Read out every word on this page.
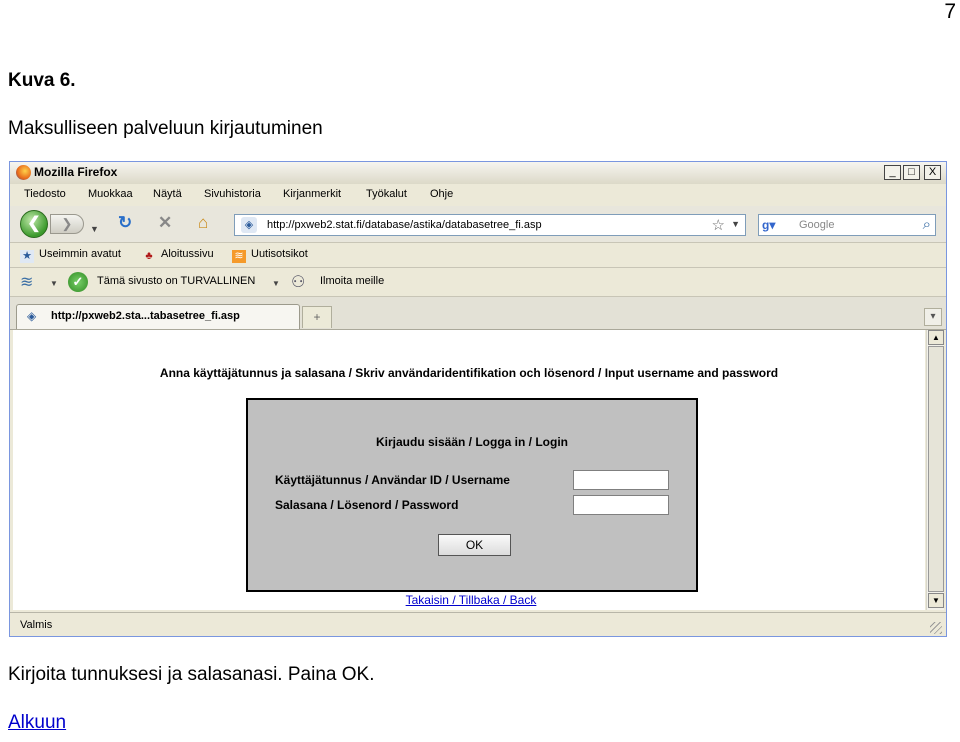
7
Kuva 6.
Maksulliseen palveluun kirjautuminen
Mozilla Firefox	_	□	X
Tiedosto Muokkaa Näytä Sivuhistoria Kirjanmerkit Työkalut Ohje
❮	❯	▼ ↻ ✕ ⌂	◈	http://pxweb2.stat.fi/database/astika/databasetree_fi.asp	☆ ▼ g▾	Google	⌕
★ Useimmin avatut	♣ Aloitussivu ≋ Uutisotsikot
≋ ▼	✓	Tämä sivusto on TURVALLINEN ▼ ⚇ Ilmoita meille
◈ http://pxweb2.sta...tabasetree_fi.asp	+	▾
Anna käyttäjätunnus ja salasana / Skriv användaridentifikation och lösenord / Input username and password
Kirjaudu sisään / Logga in / Login
Käyttäjätunnus / Användar ID / Username
Salasana / Lösenord / Password
OK
Takaisin / Tillbaka / Back
▲
▼
Valmis
Kirjoita tunnuksesi ja salasanasi. Paina OK.
Alkuun
